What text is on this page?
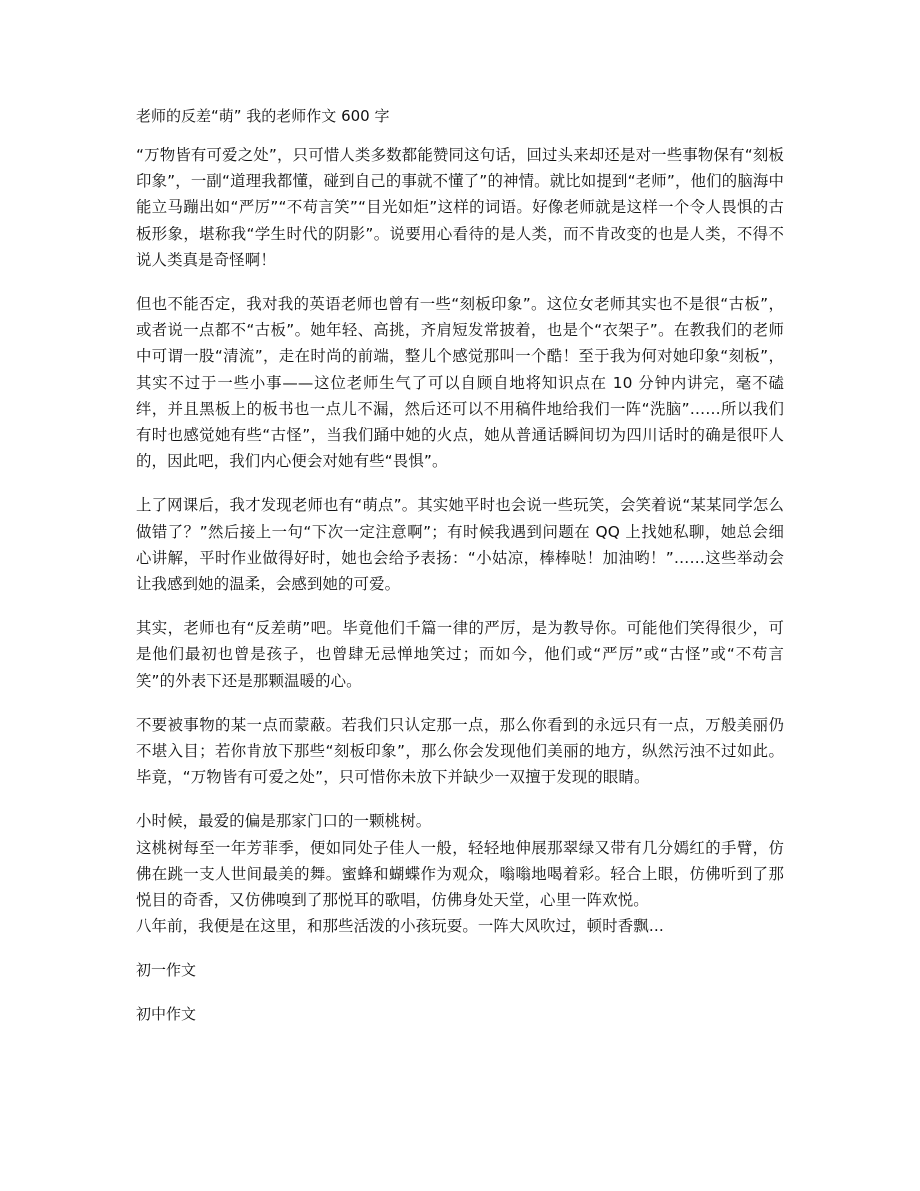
老师的反差“萌” 我的老师作文 600 字

“万物皆有可爱之处”，只可惜人类多数都能赞同这句话，回过头来却还是对一些事物保有“刻板印象”，一副“道理我都懂，碰到自己的事就不懂了”的神情。就比如提到“老师”，他们的脑海中能立马蹦出如“严厉”“不苟言笑”“目光如炬”这样的词语。好像老师就是这样一个令人畏惧的古板形象，堪称我“学生时代的阴影”。说要用心看待的是人类，而不肯改变的也是人类，不得不说人类真是奇怪啊！

但也不能否定，我对我的英语老师也曾有一些“刻板印象”。这位女老师其实也不是很“古板”，或者说一点都不“古板”。她年轻、高挑，齐肩短发常披着，也是个“衣架子”。在教我们的老师中可谓一股“清流”，走在时尚的前端，整儿个感觉那叫一个酷！至于我为何对她印象“刻板”，其实不过于一些小事——这位老师生气了可以自顾自地将知识点在 10 分钟内讲完，毫不磕绊，并且黑板上的板书也一点儿不漏，然后还可以不用稿件地给我们一阵“洗脑”……所以我们有时也感觉她有些“古怪”，当我们踊中她的火点，她从普通话瞬间切为四川话时的确是很吓人的，因此吧，我们内心便会对她有些“畏惧”。

上了网课后，我才发现老师也有“萌点”。其实她平时也会说一些玩笑，会笑着说“某某同学怎么做错了？”然后接上一句“下次一定注意啊”；有时候我遇到问题在 QQ 上找她私聊，她总会细心讲解，平时作业做得好时，她也会给予表扬：“小姑凉，棒棒哒！加油哟！”……这些举动会让我感到她的温柔，会感到她的可爱。

其实，老师也有“反差萌”吧。毕竟他们千篇一律的严厉，是为教导你。可能他们笑得很少，可是他们最初也曾是孩子，也曾肆无忌惮地笑过；而如今，他们或“严厉”或“古怪”或“不苟言笑”的外表下还是那颗温暖的心。

不要被事物的某一点而蒙蔽。若我们只认定那一点，那么你看到的永远只有一点，万般美丽仍不堪入目；若你肯放下那些“刻板印象”，那么你会发现他们美丽的地方，纵然污浊不过如此。毕竟，“万物皆有可爱之处”，只可惜你未放下并缺少一双擅于发现的眼睛。

小时候，最爱的偏是那家门口的一颗桃树。

这桃树每至一年芳菲季，便如同处子佳人一般，轻轻地伸展那翠绿又带有几分嫣红的手臂，仿佛在跳一支人世间最美的舞。蜜蜂和蝴蝶作为观众，嗡嗡地喝着彩。轻合上眼，仿佛听到了那悦目的奇香，又仿佛嗅到了那悦耳的歌唱，仿佛身处天堂，心里一阵欢悦。

八年前，我便是在这里，和那些活泼的小孩玩耍。一阵大风吹过，顿时香飘...

初一作文
初中作文
